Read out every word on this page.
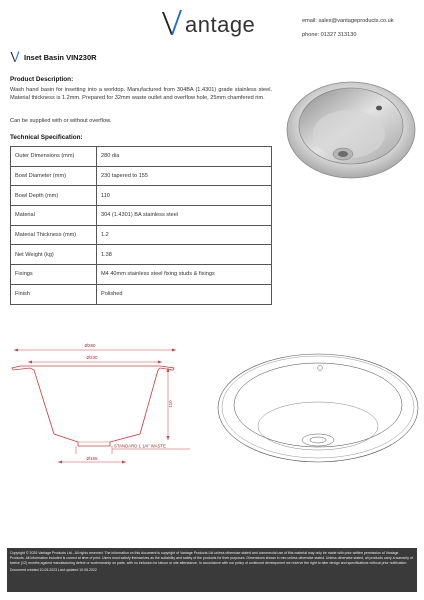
antage	email: sales@vantageproducts.co.uk
phone: 01327 313130
Inset Basin VIN230R
Product Description:
Wash hand basin for insetting into a worktop. Manufactured from 304BA (1.4301) grade stainless steel. Material thickness is 1.2mm. Prepared for 32mm waste outlet and overflow hole, 25mm chamfered rim.
Can be supplied with or without overflow.
Technical Specification:
Outer Dimensions (mm)	280 dia
Bowl Diameter (mm)	230 tapered to 155
Bowl Depth (mm)	110
Material	304 (1.4301) BA stainless steel
Material Thickness (mm)	1.2
Net Weight (kg)	1.38
Fixings	M4 40mm stainless steel fixing studs & fixings
Finish	Polished
Ø280
Ø230
110
STANDARD 1 1/4" WASTE
Ø155
Copyright © 2025 Vantage Products Ltd - All rights reserved. The information on this document is copyright of Vantage Products Ltd unless otherwise stated and commercial use of this material may only be made with prior written permission of Vantage Products. All information included is correct at time of print. Users must satisfy themselves as the suitability and safety of the products for their purposes. Dimensions shown in mm unless otherwise stated. Unless otherwise stated, all products carry a warranty of twelve (12) months against manufacturing defect or workmanship on parts, with no inclusion for labour or site attendance. In accordance with our policy of continued development we reserve the right to alter design and specifications without prior notification.
Document created 10.05.2023 Last updated 10.06.2022
